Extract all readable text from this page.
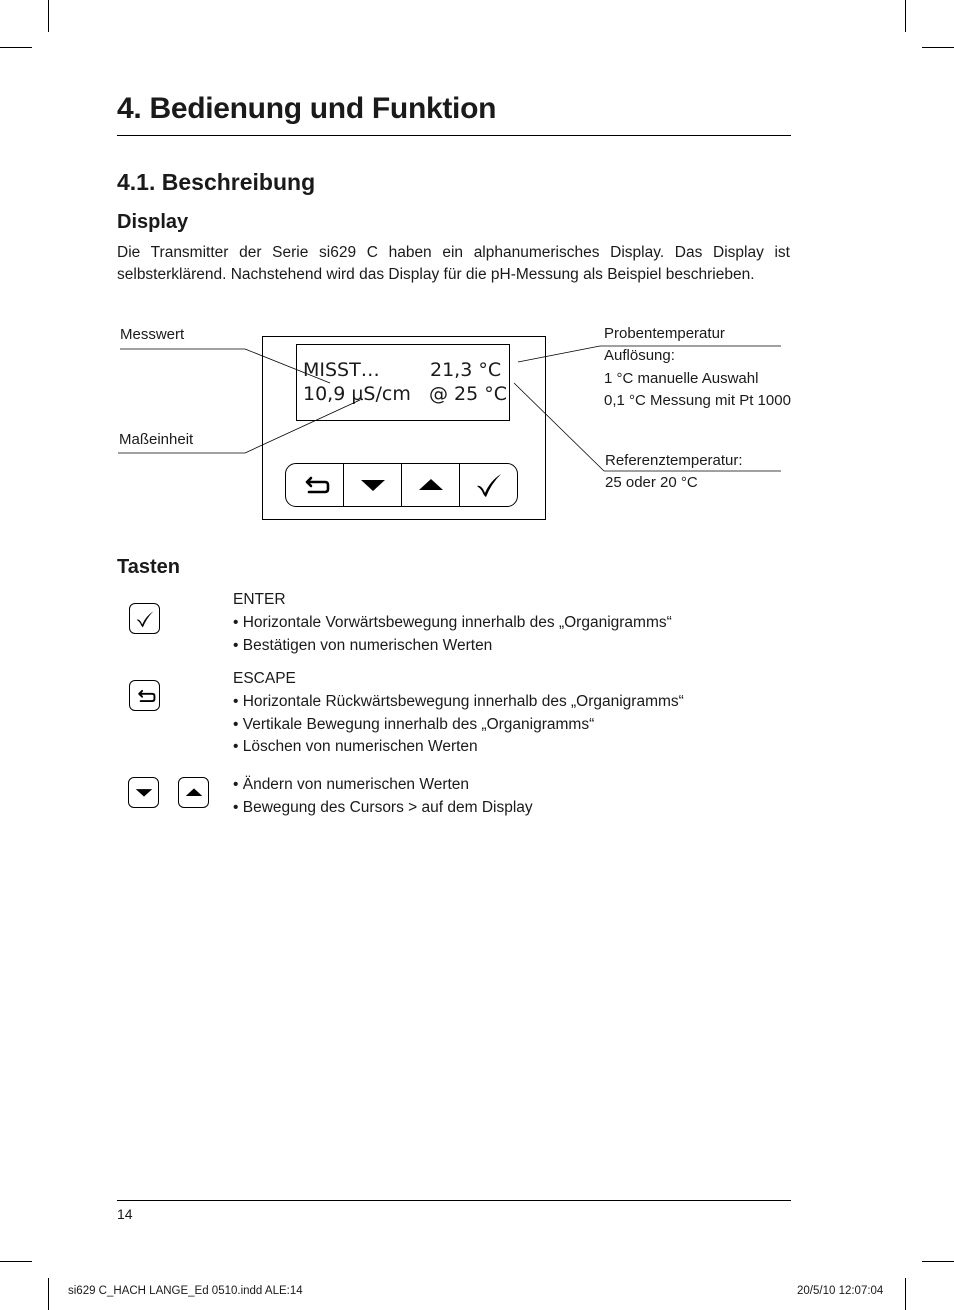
4. Bedienung und Funktion
4.1. Beschreibung
Display
Die Transmitter der Serie si629 C haben ein alphanumerisches Display. Das Display ist selbsterklärend. Nachstehend wird das Display für die pH-Messung als Beispiel beschrieben.
Messwert
Maßeinheit
Probentemperatur
Auflösung:
1 °C manuelle Auswahl
0,1 °C Messung mit Pt 1000
Referenztemperatur:
25 oder 20 °C
MISST…	21,3 °C
10,9 µS/cm @ 25 °C
Tasten
ENTER
• Horizontale Vorwärtsbewegung innerhalb des „Organigramms“
• Bestätigen von numerischen Werten
ESCAPE
• Horizontale Rückwärtsbewegung innerhalb des „Organigramms“
• Vertikale Bewegung innerhalb des „Organigramms“
• Löschen von numerischen Werten
• Ändern von numerischen Werten
• Bewegung des Cursors > auf dem Display
14
si629 C_HACH LANGE_Ed 0510.indd ALE:14	20/5/10 12:07:04
